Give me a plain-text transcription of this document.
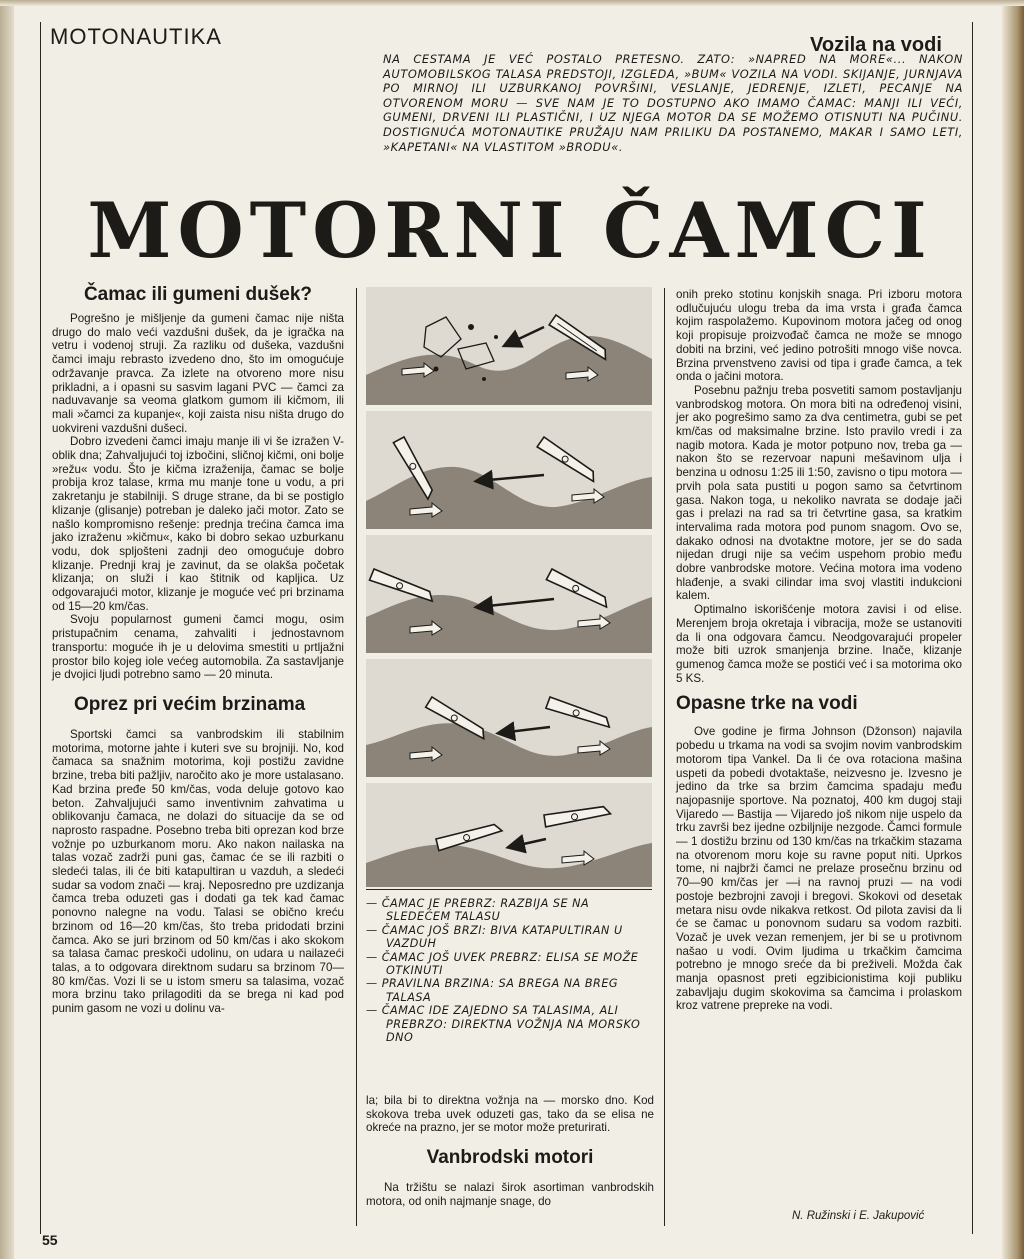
MOTONAUTIKA	Vozila na vodi
NA CESTAMA JE VEĆ POSTALO PRETESNO. ZATO: »NAPRED NA MORE«... NAKON AUTOMOBILSKOG TALASA PREDSTOJI, IZGLEDA, »BUM« VOZILA NA VODI. SKIJANJE, JURNJAVA PO MIRNOJ ILI UZBURKANOJ POVRŠINI, VESLANJE, JEDRENJE, IZLETI, PECANJE NA OTVORENOM MORU — SVE NAM JE TO DOSTUPNO AKO IMAMO ČAMAC: MANJI ILI VEĆI, GUMENI, DRVENI ILI PLASTIČNI, I UZ NJEGA MOTOR DA SE MOŽEMO OTISNUTI NA PUČINU. DOSTIGNUĆA MOTONAUTIKE PRUŽAJU NAM PRILIKU DA POSTANEMO, MAKAR I SAMO LETI, »KAPETANI« NA VLASTITOM »BRODU«.
MOTORNI ČAMCI
Čamac ili gumeni dušek?

Pogrešno je mišljenje da gumeni čamac nije ništa drugo do malo veći vazdušni dušek, da je igračka na vetru i vodenoj struji. Za razliku od dušeka, vazdušni čamci imaju rebrasto izvedeno dno, što im omogućuje održavanje pravca. Za izlete na otvoreno more nisu prikladni, a i opasni su sasvim lagani PVC — čamci za naduvavanje sa veoma glatkom gumom ili kičmom, ili mali »čamci za kupanje«, koji zaista nisu ništa drugo do uokvireni vazdušni dušeci.

Dobro izvedeni čamci imaju manje ili vi še izražen V-oblik dna; Zahvaljujući toj izbočini, sličnoj kičmi, oni bolje »režu« vodu. Što je kičma izraženija, čamac se bolje probija kroz talase, krma mu manje tone u vodu, a pri zakretanju je stabilniji. S druge strane, da bi se postiglo klizanje (glisanje) potreban je daleko jači motor. Zato se našlo kompromisno rešenje: prednja trećina čamca ima jako izraženu »kičmu«, kako bi dobro sekao uzburkanu vodu, dok spljošteni zadnji deo omogućuje dobro klizanje. Prednji kraj je zavinut, da se olakša početak klizanja; on služi i kao štitnik od kapljica. Uz odgovarajući motor, klizanje je moguće već pri brzinama od 15—20 km/čas.

Svoju popularnost gumeni čamci mogu, osim pristupačnim cenama, zahvaliti i jednostavnom transportu: moguće ih je u delovima smestiti u prtljažni prostor bilo kojeg iole većeg automobila. Za sastavljanje je dvojici ljudi potrebno samo — 20 minuta.

Oprez pri većim brzinama

Sportski čamci sa vanbrodskim ili stabilnim motorima, motorne jahte i kuteri sve su brojniji. No, kod čamaca sa snažnim motorima, koji postižu zavidne brzine, treba biti pažljiv, naročito ako je more ustalasano. Kad brzina pređe 50 km/čas, voda deluje gotovo kao beton. Zahvaljujući samo inventivnim zahvatima u oblikovanju čamaca, ne dolazi do situacije da se od naprosto raspadne. Posebno treba biti oprezan kod brze vožnje po uzburkanom moru. Ako nakon nailaska na talas vozač zadrži puni gas, čamac će se ili razbiti o sledeći talas, ili će biti katapultiran u vazduh, a sledeći sudar sa vodom znači — kraj. Neposredno pre uzdizanja čamca treba oduzeti gas i dodati ga tek kad čamac ponovno nalegne na vodu. Talasi se obično kreću brzinom od 16—20 km/čas, što treba pridodati brzini čamca. Ako se juri brzinom od 50 km/čas i ako skokom sa talasa čamac preskoči udolinu, on udara u nailazeći talas, a to odgovara direktnom sudaru sa brzinom 70—80 km/čas. Vozi li se u istom smeru sa talasima, vozač mora brzinu tako prilagoditi da se brega ni kad pod punim gasom ne vozi u dolinu va-

— ČAMAC JE PREBRZ: RAZBIJA SE NA SLEDEĆEM TALASU
— ČAMAC JOŠ BRZI: BIVA KATAPULTIRAN U VAZDUH
— ČAMAC JOŠ UVEK PREBRZ: ELISA SE MOŽE OTKINUTI
— PRAVILNA BRZINA: SA BREGA NA BREG TALASA
— ČAMAC IDE ZAJEDNO SA TALASIMA, ALI PREBRZO: DIREKTNA VOŽNJA NA MORSKO DNO

la; bila bi to direktna vožnja na — morsko dno. Kod skokova treba uvek oduzeti gas, tako da se elisa ne okreće na prazno, jer se motor može preturirati.

Vanbrodski motori

Na tržištu se nalazi širok asortiman vanbrodskih motora, od onih najmanje snage, do

onih preko stotinu konjskih snaga. Pri izboru motora odlučujuću ulogu treba da ima vrsta i građa čamca kojim raspolažemo. Kupovinom motora jačeg od onog koji propisuje proizvođač čamca ne može se mnogo dobiti na brzini, već jedino potrošiti mnogo više novca. Brzina prvenstveno zavisi od tipa i građe čamca, a tek onda o jačini motora.

Posebnu pažnju treba posvetiti samom postavljanju vanbrodskog motora. On mora biti na određenoj visini, jer ako pogrešimo samo za dva centimetra, gubi se pet km/čas od maksimalne brzine. Isto pravilo vredi i za nagib motora. Kada je motor potpuno nov, treba ga — nakon što se rezervoar napuni mešavinom ulja i benzina u odnosu 1:25 ili 1:50, zavisno o tipu motora — prvih pola sata pustiti u pogon samo sa četvrtinom gasa. Nakon toga, u nekoliko navrata se dodaje jači gas i prelazi na rad sa tri četvrtine gasa, sa kratkim intervalima rada motora pod punom snagom. Ovo se, dakako odnosi na dvotaktne motore, jer se do sada nijedan drugi nije sa većim uspehom probio među dobre vanbrodske motore. Većina motora ima vodeno hlađenje, a svaki cilindar ima svoj vlastiti indukcioni kalem.

Optimalno iskorišćenje motora zavisi i od elise. Merenjem broja okretaja i vibracija, može se ustanoviti da li ona odgovara čamcu. Neodgovarajući propeler može biti uzrok smanjenja brzine. Inače, klizanje gumenog čamca može se postići već i sa motorima oko 5 KS.

Opasne trke na vodi

Ove godine je firma Johnson (Džonson) najavila pobedu u trkama na vodi sa svojim novim vanbrodskim motorom tipa Vankel. Da li će ova rotaciona mašina uspeti da pobedi dvotaktaše, neizvesno je. Izvesno je jedino da trke sa brzim čamcima spadaju među najopasnije sportove. Na poznatoj, 400 km dugoj staji Vijaredo — Bastija — Vijaredo još nikom nije uspelo da trku završi bez ijedne ozbiljnije nezgode. Čamci formule — 1 dostižu brzinu od 130 km/čas na trkačkim stazama na otvorenom moru koje su ravne poput niti. Uprkos tome, ni najbrži čamci ne prelaze prosečnu brzinu od 70—90 km/čas jer —i na ravnoj pruzi — na vodi postoje bezbrojni zavoji i bregovi. Skokovi od desetak metara nisu ovde nikakva retkost. Od pilota zavisi da li će se čamac u ponovnom sudaru sa vodom razbiti. Vozač je uvek vezan remenjem, jer bi se u protivnom našao u vodi. Ovim ljudima u trkačkim čamcima potrebno je mnogo sreće da bi preživeli. Možda čak manja opasnost preti egzibicionistima koji publiku zabavljaju dugim skokovima sa čamcima i prolaskom kroz vatrene prepreke na vodi.

N. Ružinski i E. Jakupović
55
